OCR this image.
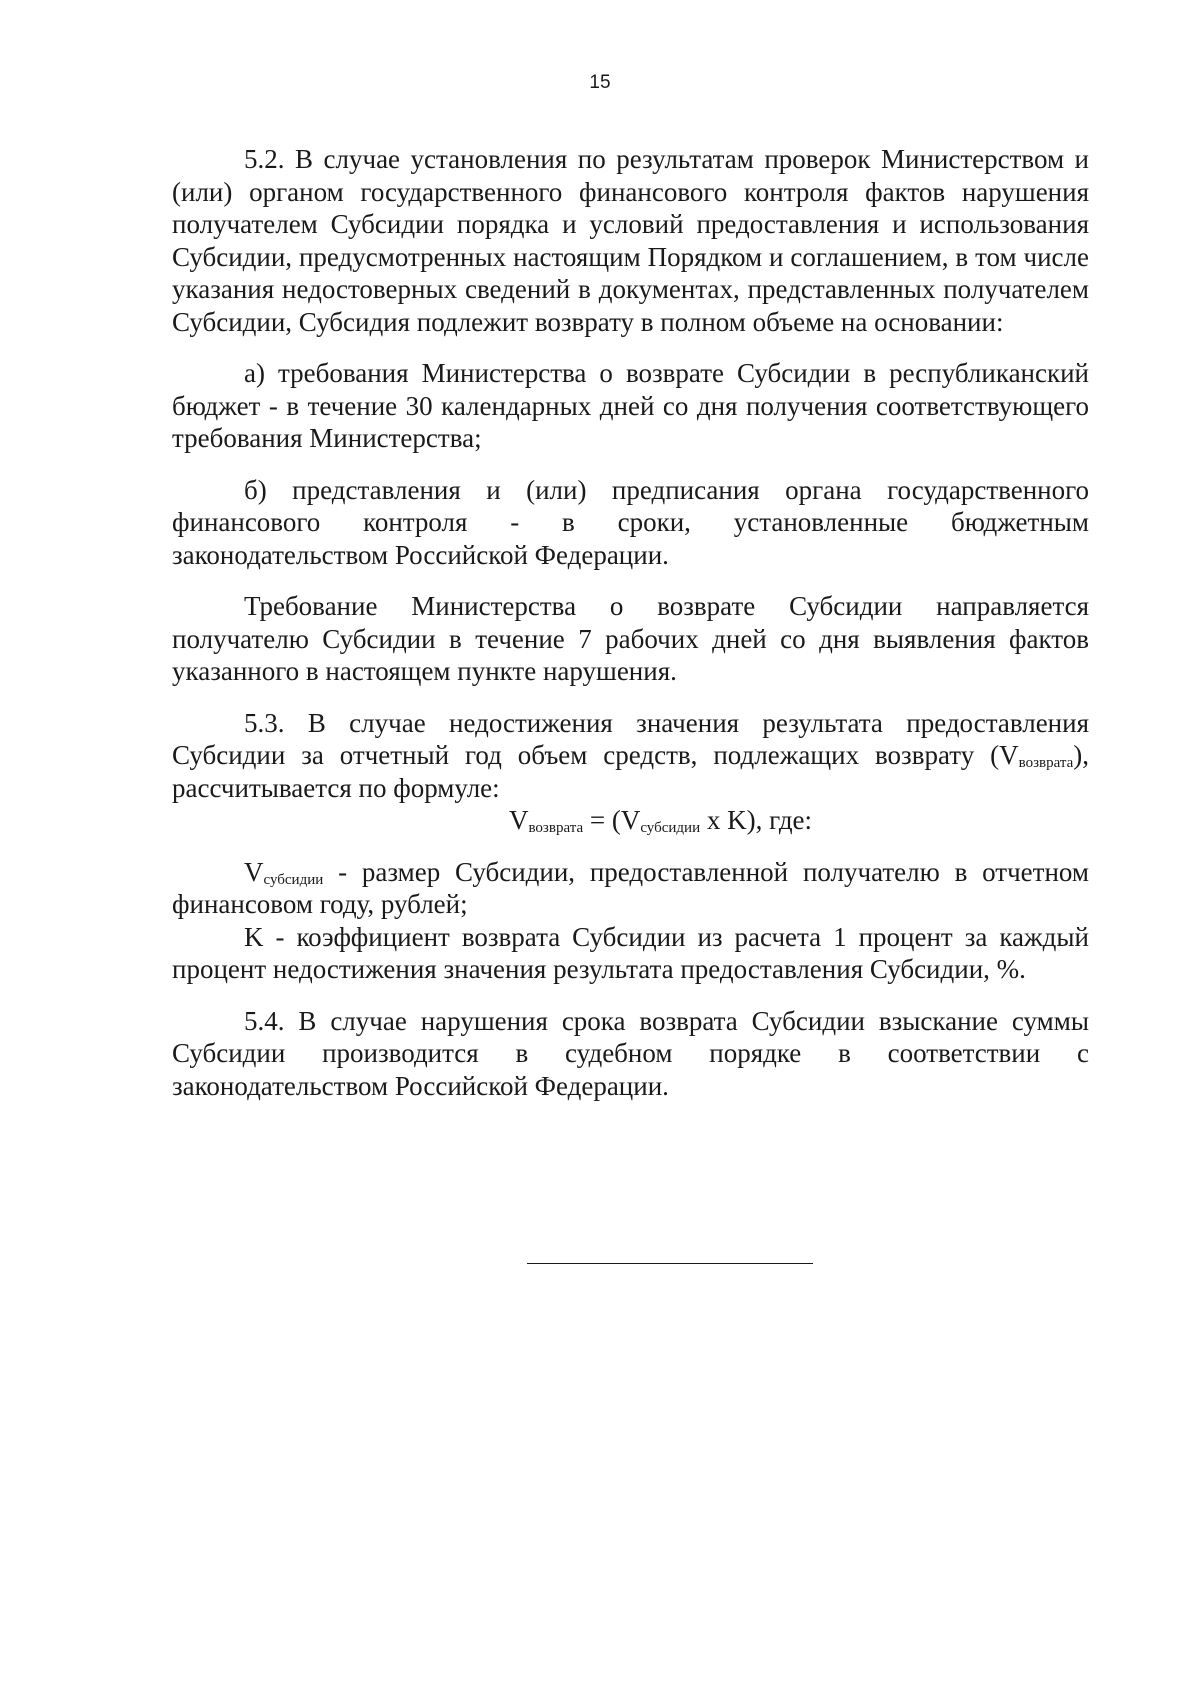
15

5.2. В случае установления по результатам проверок Министерством и (или) органом государственного финансового контроля фактов нарушения получателем Субсидии порядка и условий предоставления и использования Субсидии, предусмотренных настоящим Порядком и соглашением, в том числе указания недостоверных сведений в документах, представленных получателем Субсидии, Субсидия подлежит возврату в полном объеме на основании:

а) требования Министерства о возврате Субсидии в республиканский бюджет - в течение 30 календарных дней со дня получения соответствующего требования Министерства;

б) представления и (или) предписания органа государственного финансового контроля - в сроки, установленные бюджетным законодательством Российской Федерации.

Требование Министерства о возврате Субсидии направляется получателю Субсидии в течение 7 рабочих дней со дня выявления фактов указанного в настоящем пункте нарушения.

5.3. В случае недостижения значения результата предоставления Субсидии за отчетный год объем средств, подлежащих возврату $(V_{возврата})$, рассчитывается по формуле:

$V_{возврата} = (V_{субсидии}$ x K), где:

$V_{субсидии}$ - размер Субсидии, предоставленной получателю в отчетном финансовом году, рублей;

K - коэффициент возврата Субсидии из расчета 1 процент за каждый процент недостижения значения результата предоставления Субсидии, %.

5.4. В случае нарушения срока возврата Субсидии взыскание суммы Субсидии производится в судебном порядке в соответствии с законодательством Российской Федерации.
